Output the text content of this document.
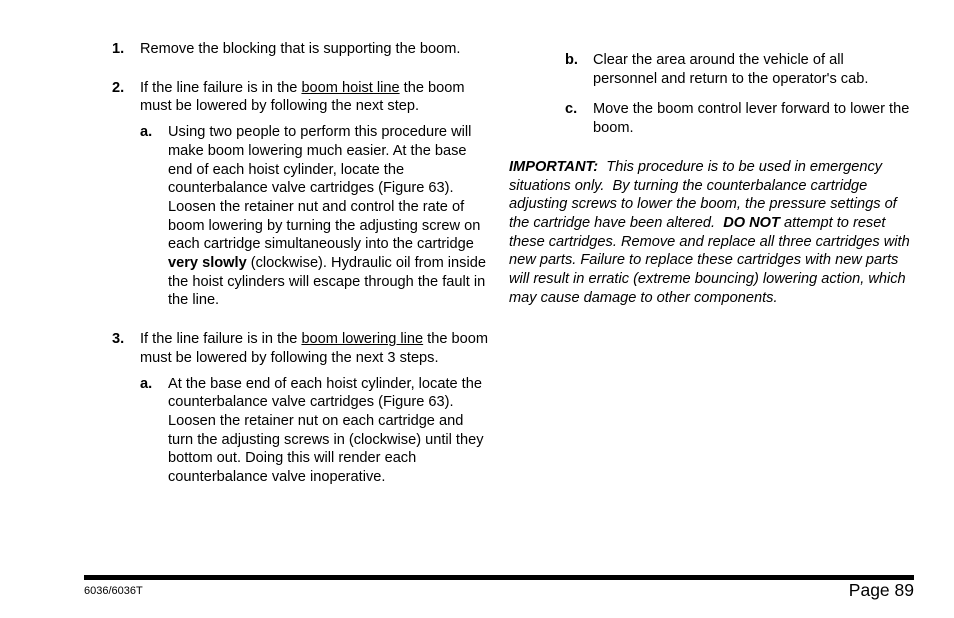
1. Remove the blocking that is supporting the boom.
2. If the line failure is in the boom hoist line the boom must be lowered by following the next step.
a. Using two people to perform this procedure will make boom lowering much easier. At the base end of each hoist cylinder, locate the counterbalance valve cartridges (Figure 63). Loosen the retainer nut and control the rate of boom lowering by turning the adjusting screw on each cartridge simultaneously into the cartridge very slowly (clockwise). Hydraulic oil from inside the hoist cylinders will escape through the fault in the line.
3. If the line failure is in the boom lowering line the boom must be lowered by following the next 3 steps.
a. At the base end of each hoist cylinder, locate the counterbalance valve cartridges (Figure 63). Loosen the retainer nut on each cartridge and turn the adjusting screws in (clockwise) until they bottom out. Doing this will render each counterbalance valve inoperative.
b. Clear the area around the vehicle of all personnel and return to the operator's cab.
c. Move the boom control lever forward to lower the boom.
IMPORTANT:  This procedure is to be used in emergency situations only.  By turning the counterbalance cartridge adjusting screws to lower the boom, the pressure settings of the cartridge have been altered.  DO NOT attempt to reset these cartridges. Remove and replace all three cartridges with new parts. Failure to replace these cartridges with new parts will result in erratic (extreme bouncing) lowering action, which may cause damage to other components.
6036/6036T	Page 89
